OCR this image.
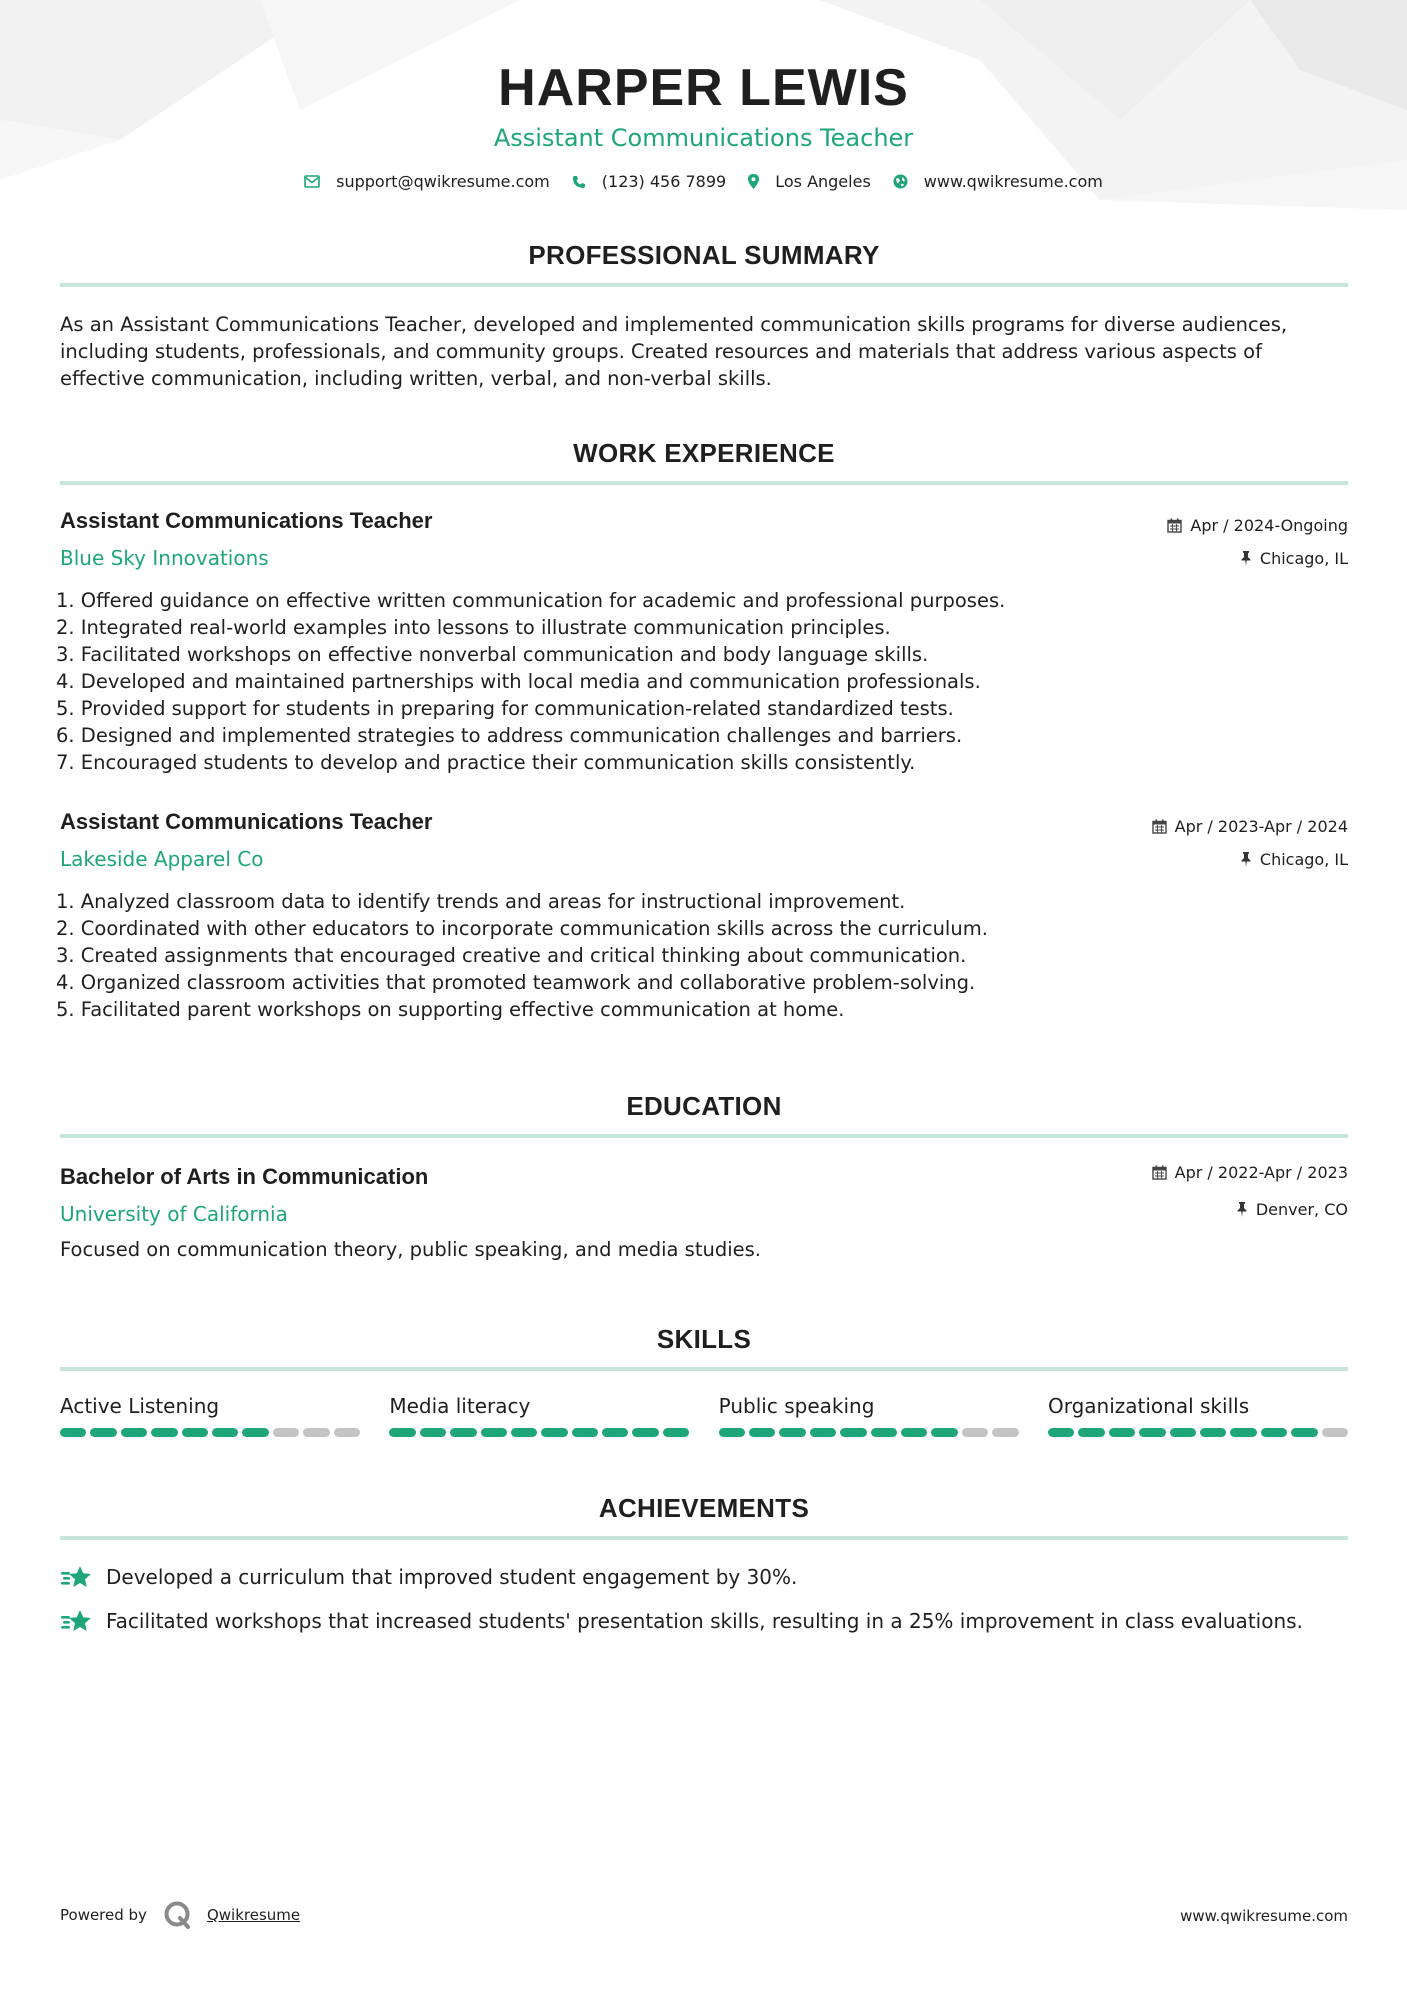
HARPER LEWIS
Assistant Communications Teacher
support@qwikresume.com	(123) 456 7899	Los Angeles	www.qwikresume.com
PROFESSIONAL SUMMARY
As an Assistant Communications Teacher, developed and implemented communication skills programs for diverse audiences, including students, professionals, and community groups. Created resources and materials that address various aspects of effective communication, including written, verbal, and non-verbal skills.
WORK EXPERIENCE
Assistant Communications Teacher
Blue Sky Innovations
Apr / 2024-Ongoing
Chicago, IL
1. Offered guidance on effective written communication for academic and professional purposes.
2. Integrated real-world examples into lessons to illustrate communication principles.
3. Facilitated workshops on effective nonverbal communication and body language skills.
4. Developed and maintained partnerships with local media and communication professionals.
5. Provided support for students in preparing for communication-related standardized tests.
6. Designed and implemented strategies to address communication challenges and barriers.
7. Encouraged students to develop and practice their communication skills consistently.
Assistant Communications Teacher
Lakeside Apparel Co
Apr / 2023-Apr / 2024
Chicago, IL
1. Analyzed classroom data to identify trends and areas for instructional improvement.
2. Coordinated with other educators to incorporate communication skills across the curriculum.
3. Created assignments that encouraged creative and critical thinking about communication.
4. Organized classroom activities that promoted teamwork and collaborative problem-solving.
5. Facilitated parent workshops on supporting effective communication at home.
EDUCATION
Bachelor of Arts in Communication
University of California
Apr / 2022-Apr / 2023
Denver, CO
Focused on communication theory, public speaking, and media studies.
SKILLS
Active Listening	Media literacy	Public speaking	Organizational skills
ACHIEVEMENTS
Developed a curriculum that improved student engagement by 30%.
Facilitated workshops that increased students' presentation skills, resulting in a 25% improvement in class evaluations.
Powered by	Qwikresume	www.qwikresume.com
